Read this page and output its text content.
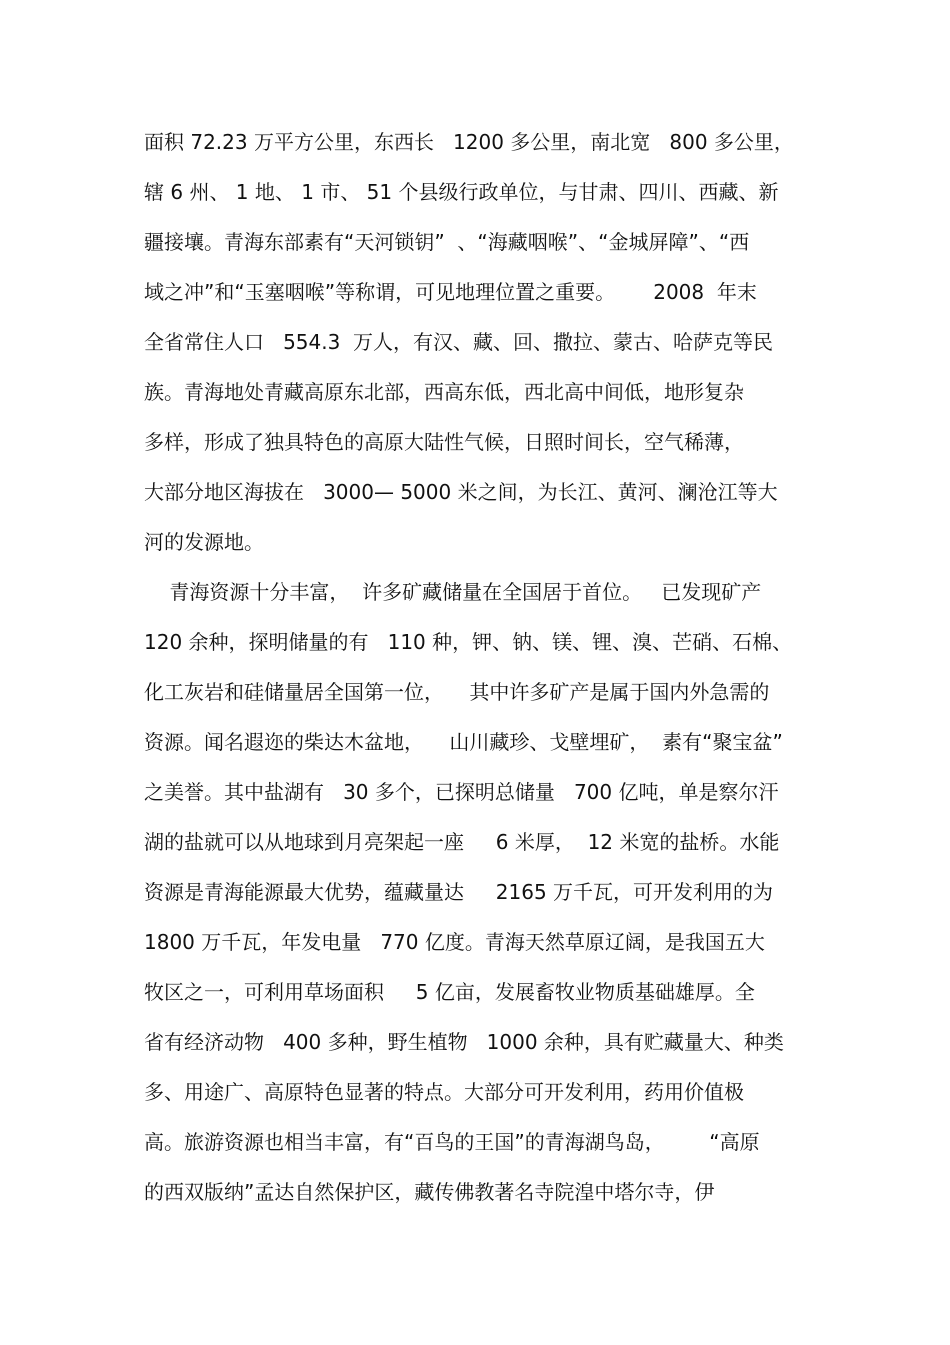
面积 72.23 万平方公里，东西长   1200 多公里，南北宽   800 多公里，
辖 6 州、 1 地、 1 市、 51 个县级行政单位，与甘肃、四川、西藏、新
疆接壤。青海东部素有“天河锁钥”  、“海藏咽喉”、“金城屏障”、“西
域之冲”和“玉塞咽喉”等称谓，可见地理位置之重要。      2008  年末
全省常住人口   554.3  万人，有汉、藏、回、撒拉、蒙古、哈萨克等民
族。青海地处青藏高原东北部，西高东低，西北高中间低，地形复杂
多样，形成了独具特色的高原大陆性气候，日照时间长，空气稀薄，
大部分地区海拔在   3000— 5000 米之间，为长江、黄河、澜沧江等大
河的发源地。
青海资源十分丰富，  许多矿藏储量在全国居于首位。   已发现矿产
120 余种，探明储量的有   110 种，钾、钠、镁、锂、溴、芒硝、石棉、
化工灰岩和硅储量居全国第一位，    其中许多矿产是属于国内外急需的
资源。闻名遐迩的柴达木盆地，    山川藏珍、戈壁埋矿，  素有“聚宝盆”
之美誉。其中盐湖有   30 多个，已探明总储量   700 亿吨，单是察尔汗
湖的盐就可以从地球到月亮架起一座     6 米厚，  12 米宽的盐桥。水能
资源是青海能源最大优势，蕴藏量达     2165 万千瓦，可开发利用的为
1800 万千瓦，年发电量   770 亿度。青海天然草原辽阔，是我国五大
牧区之一，可利用草场面积     5 亿亩，发展畜牧业物质基础雄厚。全
省有经济动物   400 多种，野生植物   1000 余种，具有贮藏量大、种类
多、用途广、高原特色显著的特点。大部分可开发利用，药用价值极
高。旅游资源也相当丰富，有“百鸟的王国”的青海湖鸟岛，       “高原
的西双版纳”孟达自然保护区，藏传佛教著名寺院湟中塔尔寺，伊
